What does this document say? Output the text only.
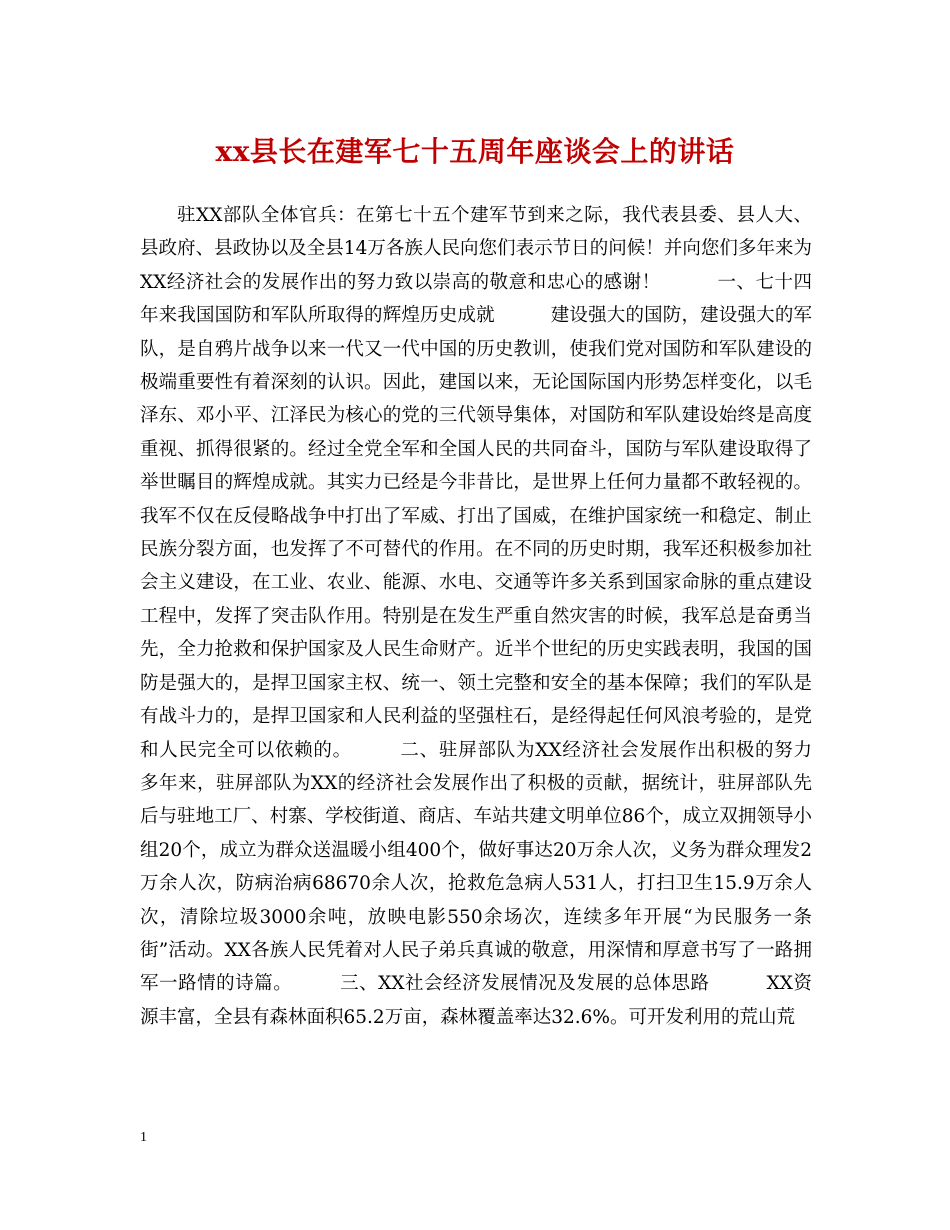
xx县长在建军七十五周年座谈会上的讲话

驻XX部队全体官兵：在第七十五个建军节到来之际，我代表县委、县人大、县政府、县政协以及全县14万各族人民向您们表示节日的问候！并向您们多年来为XX经济社会的发展作出的努力致以崇高的敬意和忠心的感谢！　　　一、七十四年来我国国防和军队所取得的辉煌历史成就　　　建设强大的国防，建设强大的军队，是自鸦片战争以来一代又一代中国的历史教训，使我们党对国防和军队建设的极端重要性有着深刻的认识。因此，建国以来，无论国际国内形势怎样变化，以毛泽东、邓小平、江泽民为核心的党的三代领导集体，对国防和军队建设始终是高度重视、抓得很紧的。经过全党全军和全国人民的共同奋斗，国防与军队建设取得了举世瞩目的辉煌成就。其实力已经是今非昔比，是世界上任何力量都不敢轻视的。我军不仅在反侵略战争中打出了军威、打出了国威，在维护国家统一和稳定、制止民族分裂方面，也发挥了不可替代的作用。在不同的历史时期，我军还积极参加社会主义建设，在工业、农业、能源、水电、交通等许多关系到国家命脉的重点建设工程中，发挥了突击队作用。特别是在发生严重自然灾害的时候，我军总是奋勇当先，全力抢救和保护国家及人民生命财产。近半个世纪的历史实践表明，我国的国防是强大的，是捍卫国家主权、统一、领土完整和安全的基本保障；我们的军队是有战斗力的，是捍卫国家和人民利益的坚强柱石，是经得起任何风浪考验的，是党和人民完全可以依赖的。　　　二、驻屏部队为XX经济社会发展作出积极的努力　　　多年来，驻屏部队为XX的经济社会发展作出了积极的贡献，据统计，驻屏部队先后与驻地工厂、村寨、学校街道、商店、车站共建文明单位86个，成立双拥领导小组20个，成立为群众送温暖小组400个，做好事达20万余人次，义务为群众理发2万余人次，防病治病68670余人次，抢救危急病人531人，打扫卫生15.9万余人次，清除垃圾3000余吨，放映电影550余场次，连续多年开展“为民服务一条街”活动。XX各族人民凭着对人民子弟兵真诚的敬意，用深情和厚意书写了一路拥军一路情的诗篇。　　　三、XX社会经济发展情况及发展的总体思路　　　XX资源丰富，全县有森林面积65.2万亩，森林覆盖率达32.6%。可开发利用的荒山荒

1
